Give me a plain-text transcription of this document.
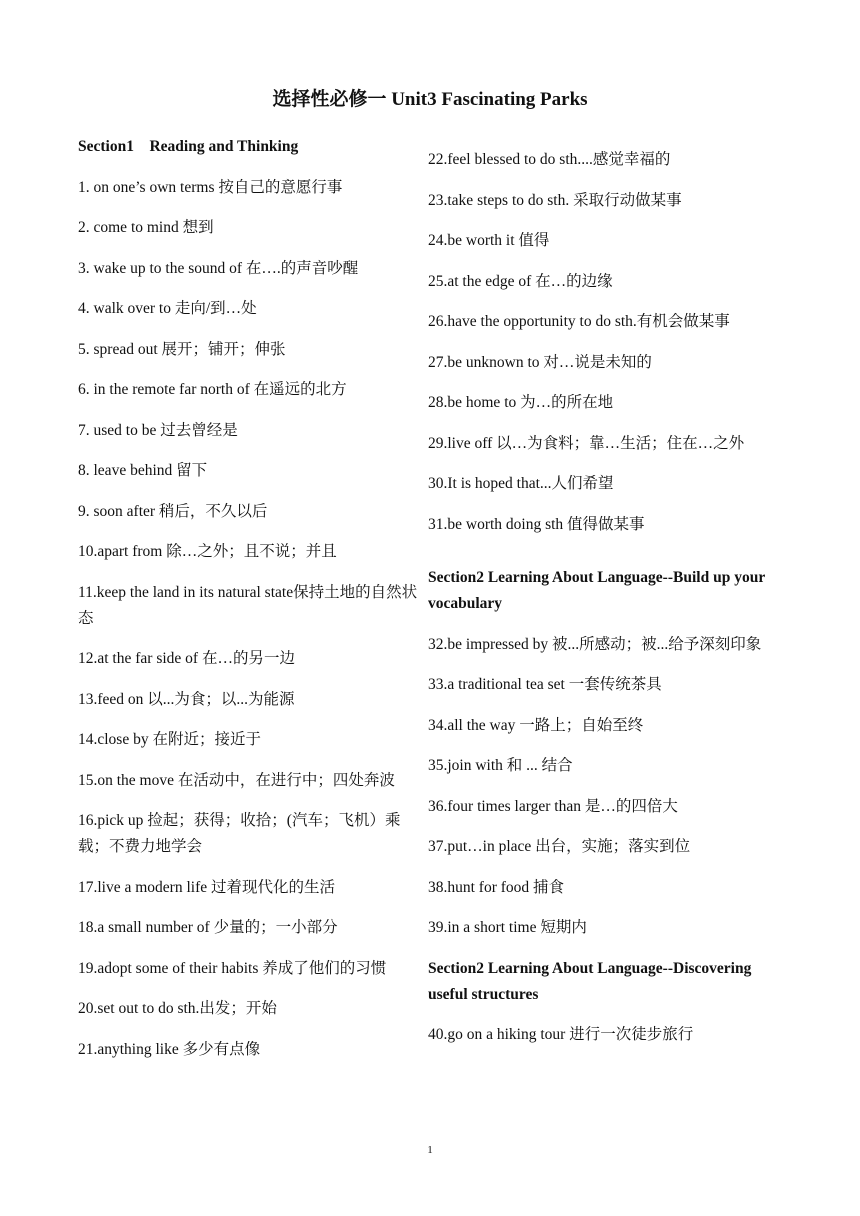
选择性必修一 Unit3 Fascinating Parks
Section1　Reading and Thinking
1. on one’s own terms 按自己的意愿行事
2. come to mind 想到
3. wake up to the sound of 在….的声音吵醒
4. walk over to 走向/到…处
5. spread out 展开；铺开；伸张
6. in the remote far north of 在遥远的北方
7. used to be 过去曾经是
8. leave behind 留下
9. soon after 稍后，不久以后
10.apart from 除…之外；且不说；并且
11.keep the land in its natural state保持土地的自然状态
12.at the far side of 在…的另一边
13.feed on 以...为食；以...为能源
14.close by 在附近；接近于
15.on the move 在活动中，在进行中；四处奔波
16.pick up 捡起；获得；收拾；(汽车；飞机）乘载；不费力地学会
17.live a modern life 过着现代化的生活
18.a small number of 少量的；一小部分
19.adopt some of their habits 养成了他们的习惯
20.set out to do sth.出发；开始
21.anything like 多少有点像
22.feel blessed to do sth....感觉幸福的
23.take steps to do sth. 采取行动做某事
24.be worth it 值得
25.at the edge of 在…的边缘
26.have the opportunity to do sth.有机会做某事
27.be unknown to 对…说是未知的
28.be home to 为…的所在地
29.live off 以…为食料；靠…生活；住在…之外
30.It is hoped that...人们希望
31.be worth doing sth 值得做某事
Section2 Learning About Language--Build up your vocabulary
32.be impressed by 被...所感动；被...给予深刻印象
33.a traditional tea set 一套传统茶具
34.all the way 一路上；自始至终
35.join with 和 ... 结合
36.four times larger than 是…的四倍大
37.put…in place 出台，实施；落实到位
38.hunt for food 捕食
39.in a short time 短期内
Section2 Learning About Language--Discovering useful structures
40.go on a hiking tour 进行一次徒步旅行
1
